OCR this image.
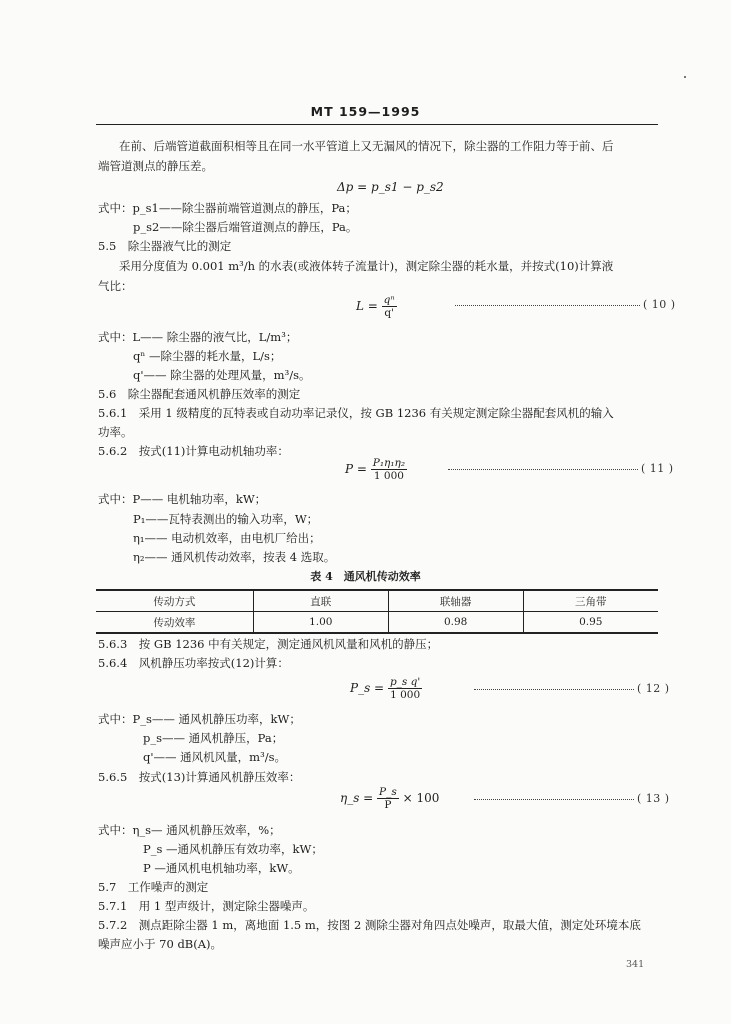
MT 159—1995
在前、后端管道截面积相等且在同一水平管道上又无漏风的情况下，除尘器的工作阻力等于前、后
端管道测点的静压差。
Δp = p_s1 − p_s2
式中：p_s1——除尘器前端管道测点的静压，Pa；
p_s2——除尘器后端管道测点的静压，Pa。
5.5　 除尘器液气比的测定
采用分度值为 0.001 m³/h 的水表(或液体转子流量计)，测定除尘器的耗水量，并按式(10)计算液
气比：
$L = \frac{\text{qⁿ}}{q'}$	( 10 )
式中：L—— 除尘器的液气比，L/m³；
qⁿ —除尘器的耗水量，L/s；
q'—— 除尘器的处理风量，m³/s。
5.6　 除尘器配套通风机静压效率的测定
5.6.1　 采用 1 级精度的瓦特表或自动功率记录仪，按 GB 1236 有关规定测定除尘器配套风机的输入
功率。
5.6.2　 按式(11)计算电动机轴功率：
$P = \frac{\text{P₁η₁η₂}}{1 000}$	( 11 )
式中：P—— 电机轴功率，kW；
P₁——瓦特表测出的输入功率，W；
η₁—— 电动机效率，由电机厂给出；
η₂—— 通风机传动效率，按表 4 选取。
表 4　通风机传动效率
传动方式	直联	联轴器	三角带
传动效率	1.00	0.98	0.95
5.6.3　 按 GB 1236 中有关规定，测定通风机风量和风机的静压；
5.6.4　 风机静压功率按式(12)计算：
P_s = $\frac{\text{p\_s q'}}{1 000}$	( 12 )
式中：P_s—— 通风机静压功率，kW；
p_s—— 通风机静压，Pa；
q'—— 通风机风量，m³/s。
5.6.5　 按式(13)计算通风机静压效率：
η_s = $\frac{P\_s}{P} \times 100$	( 13 )
式中：η_s— 通风机静压效率，%；
P_s —通风机静压有效功率，kW；
P —通风机电机轴功率，kW。
5.7　 工作噪声的测定
5.7.1　 用 1 型声级计，测定除尘器噪声。
5.7.2　 测点距除尘器 1 m，离地面 1.5 m，按图 2 测除尘器对角四点处噪声，取最大值，测定处环境本底
噪声应小于 70 dB(A)。
341
